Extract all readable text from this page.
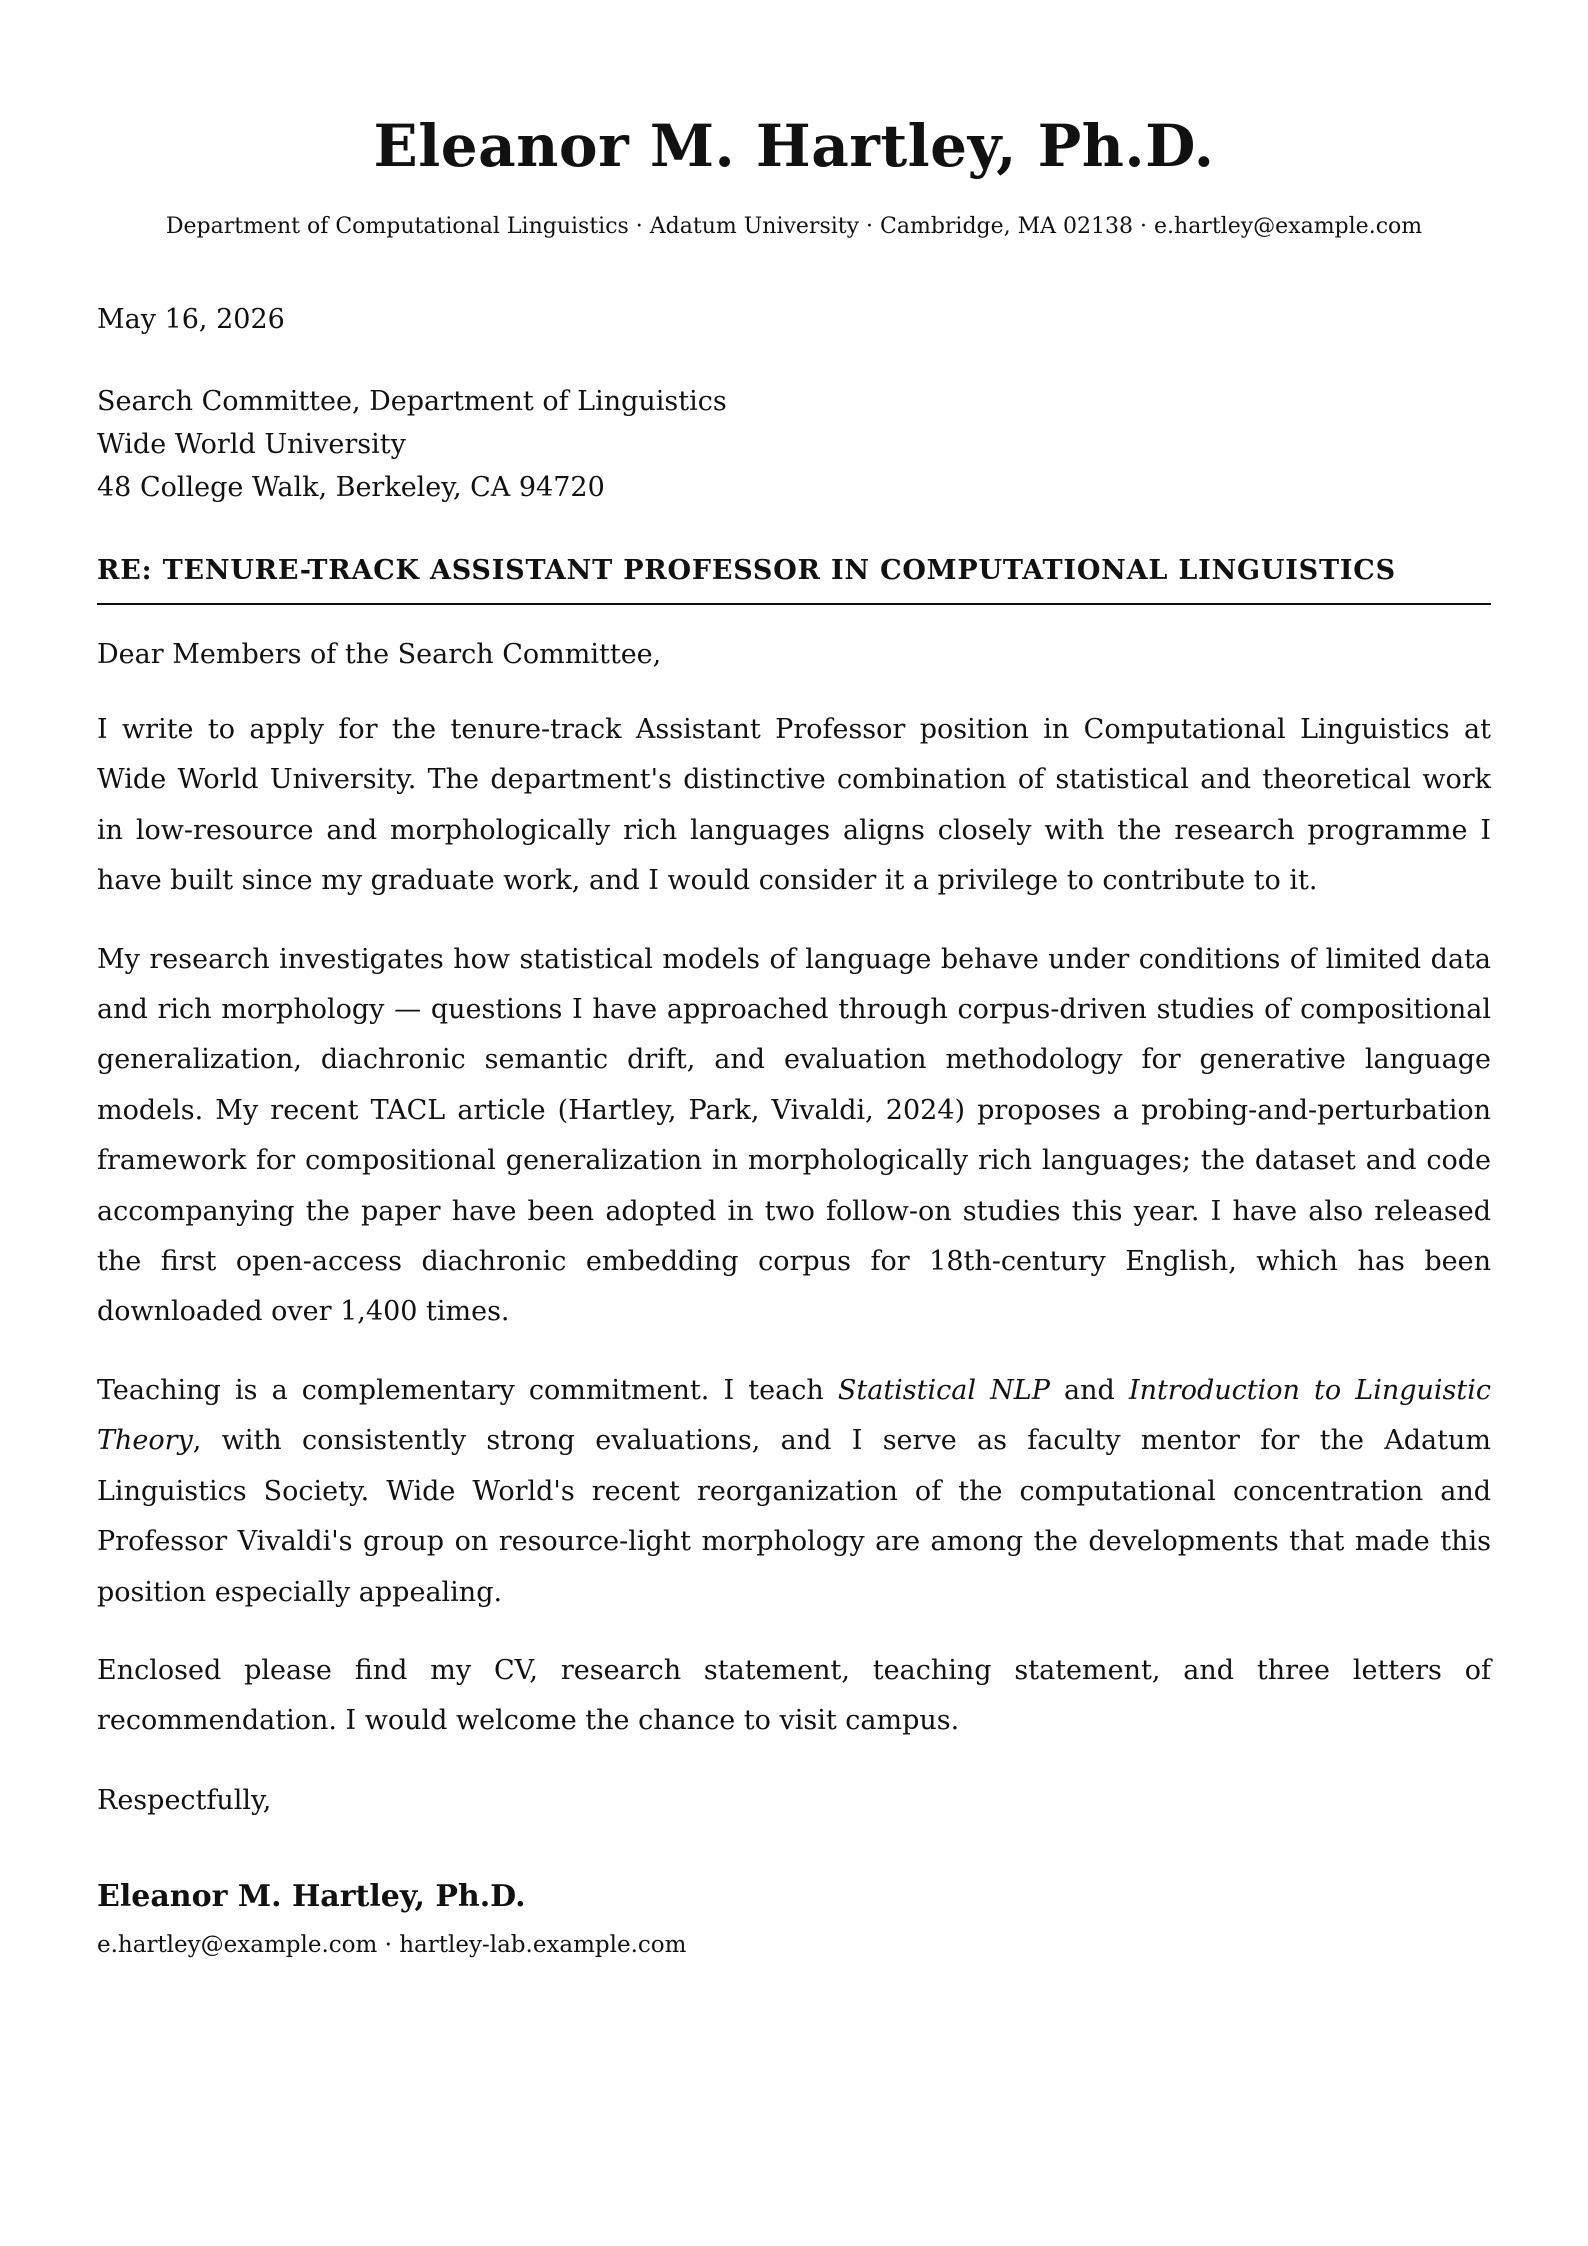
Eleanor M. Hartley, Ph.D.
Department of Computational Linguistics · Adatum University · Cambridge, MA 02138 · e.hartley@example.com
May 16, 2026
Search Committee, Department of Linguistics
Wide World University
48 College Walk, Berkeley, CA 94720
RE: TENURE-TRACK ASSISTANT PROFESSOR IN COMPUTATIONAL LINGUISTICS
Dear Members of the Search Committee,

I write to apply for the tenure-track Assistant Professor position in Computational Linguistics at Wide World University. The department's distinctive combination of statistical and theoretical work in low-resource and morphologically rich languages aligns closely with the research programme I have built since my graduate work, and I would consider it a privilege to contribute to it.

My research investigates how statistical models of language behave under conditions of limited data and rich morphology — questions I have approached through corpus-driven studies of compositional generalization, diachronic semantic drift, and evaluation methodology for generative language models. My recent TACL article (Hartley, Park, Vivaldi, 2024) proposes a probing-and-perturbation framework for compositional generalization in morphologically rich languages; the dataset and code accompanying the paper have been adopted in two follow-on studies this year. I have also released the first open-access diachronic embedding corpus for 18th-century English, which has been downloaded over 1,400 times.

Teaching is a complementary commitment. I teach Statistical NLP and Introduction to Linguistic Theory, with consistently strong evaluations, and I serve as faculty mentor for the Adatum Linguistics Society. Wide World's recent reorganization of the computational concentration and Professor Vivaldi's group on resource-light morphology are among the developments that made this position especially appealing.

Enclosed please find my CV, research statement, teaching statement, and three letters of recommendation. I would welcome the chance to visit campus.

Respectfully,
Eleanor M. Hartley, Ph.D.
e.hartley@example.com · hartley-lab.example.com
